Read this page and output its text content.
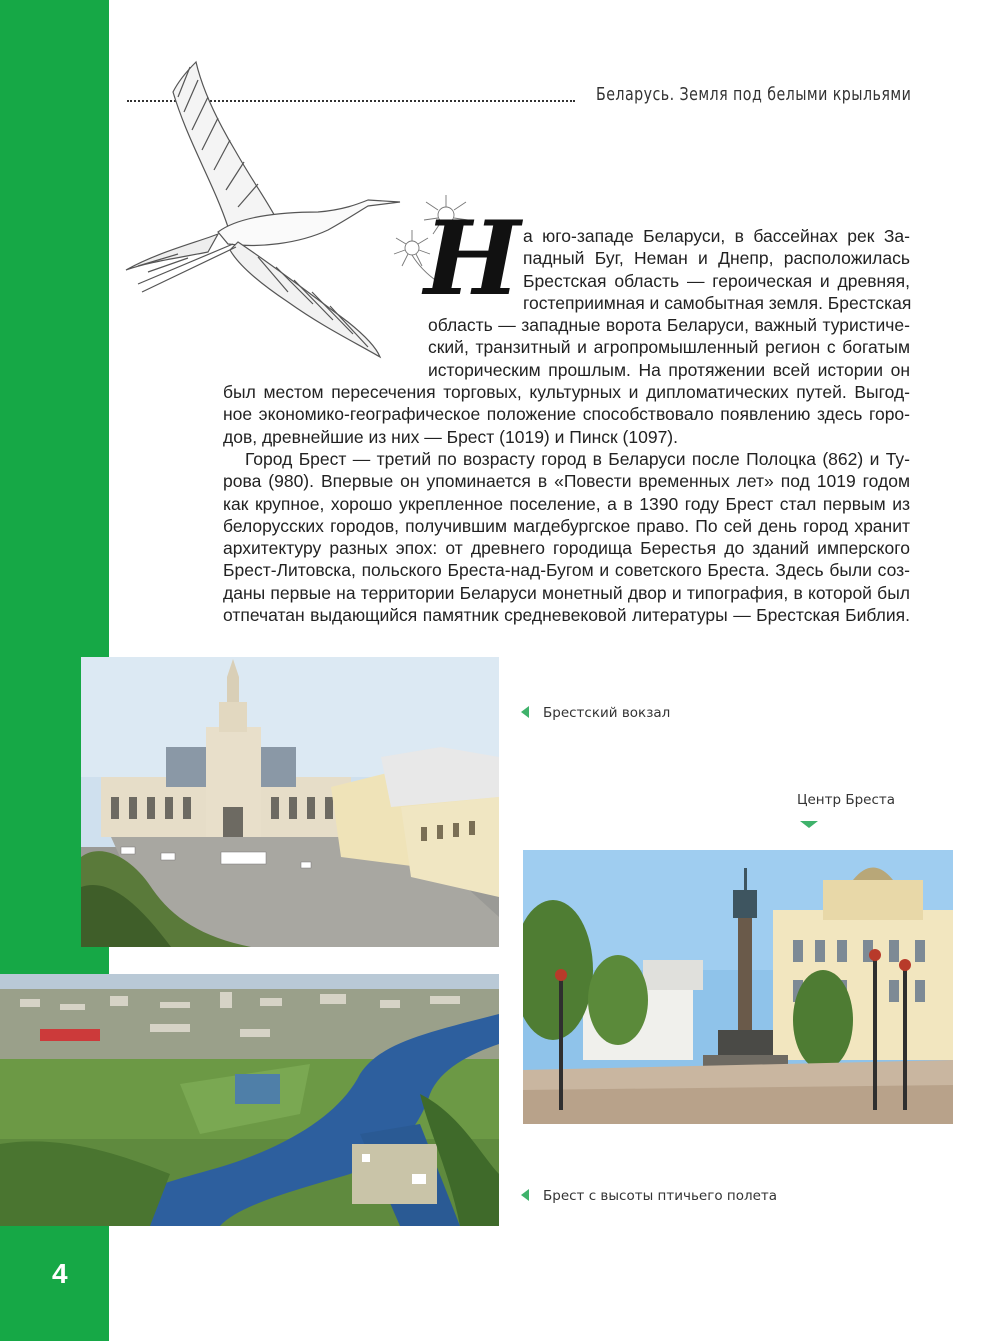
4
Беларусь. Земля под белыми крыльями
Н а юго-западе Беларуси, в бассейнах рек За-
падный Буг, Неман и Днепр, расположилась
Брестская область — героическая и древняя,
гостеприимная и самобытная земля. Брестская
область — западные ворота Беларуси, важный туристиче-
ский, транзитный и агропромышленный регион с богатым
историческим прошлым. На протяжении всей истории он
был местом пересечения торговых, культурных и дипломатических путей. Выгод-
ное экономико-географическое положение способствовало появлению здесь горо-
дов, древнейшие из них — Брест (1019) и Пинск (1097).
Город Брест — третий по возрасту город в Беларуси после Полоцка (862) и Ту-
рова (980). Впервые он упоминается в «Повести временных лет» под 1019 годом
как крупное, хорошо укрепленное поселение, а в 1390 году Брест стал первым из
белорусских городов, получившим магдебургское право. По сей день город хранит
архитектуру разных эпох: от древнего городища Берестья до зданий имперского
Брест-Литовска, польского Бреста-над-Бугом и советского Бреста. Здесь были соз-
даны первые на территории Беларуси монетный двор и типография, в которой был
отпечатан выдающийся памятник средневековой литературы — Брестская Библия.
Брестский вокзал
Центр Бреста
Брест с высоты птичьего полета
